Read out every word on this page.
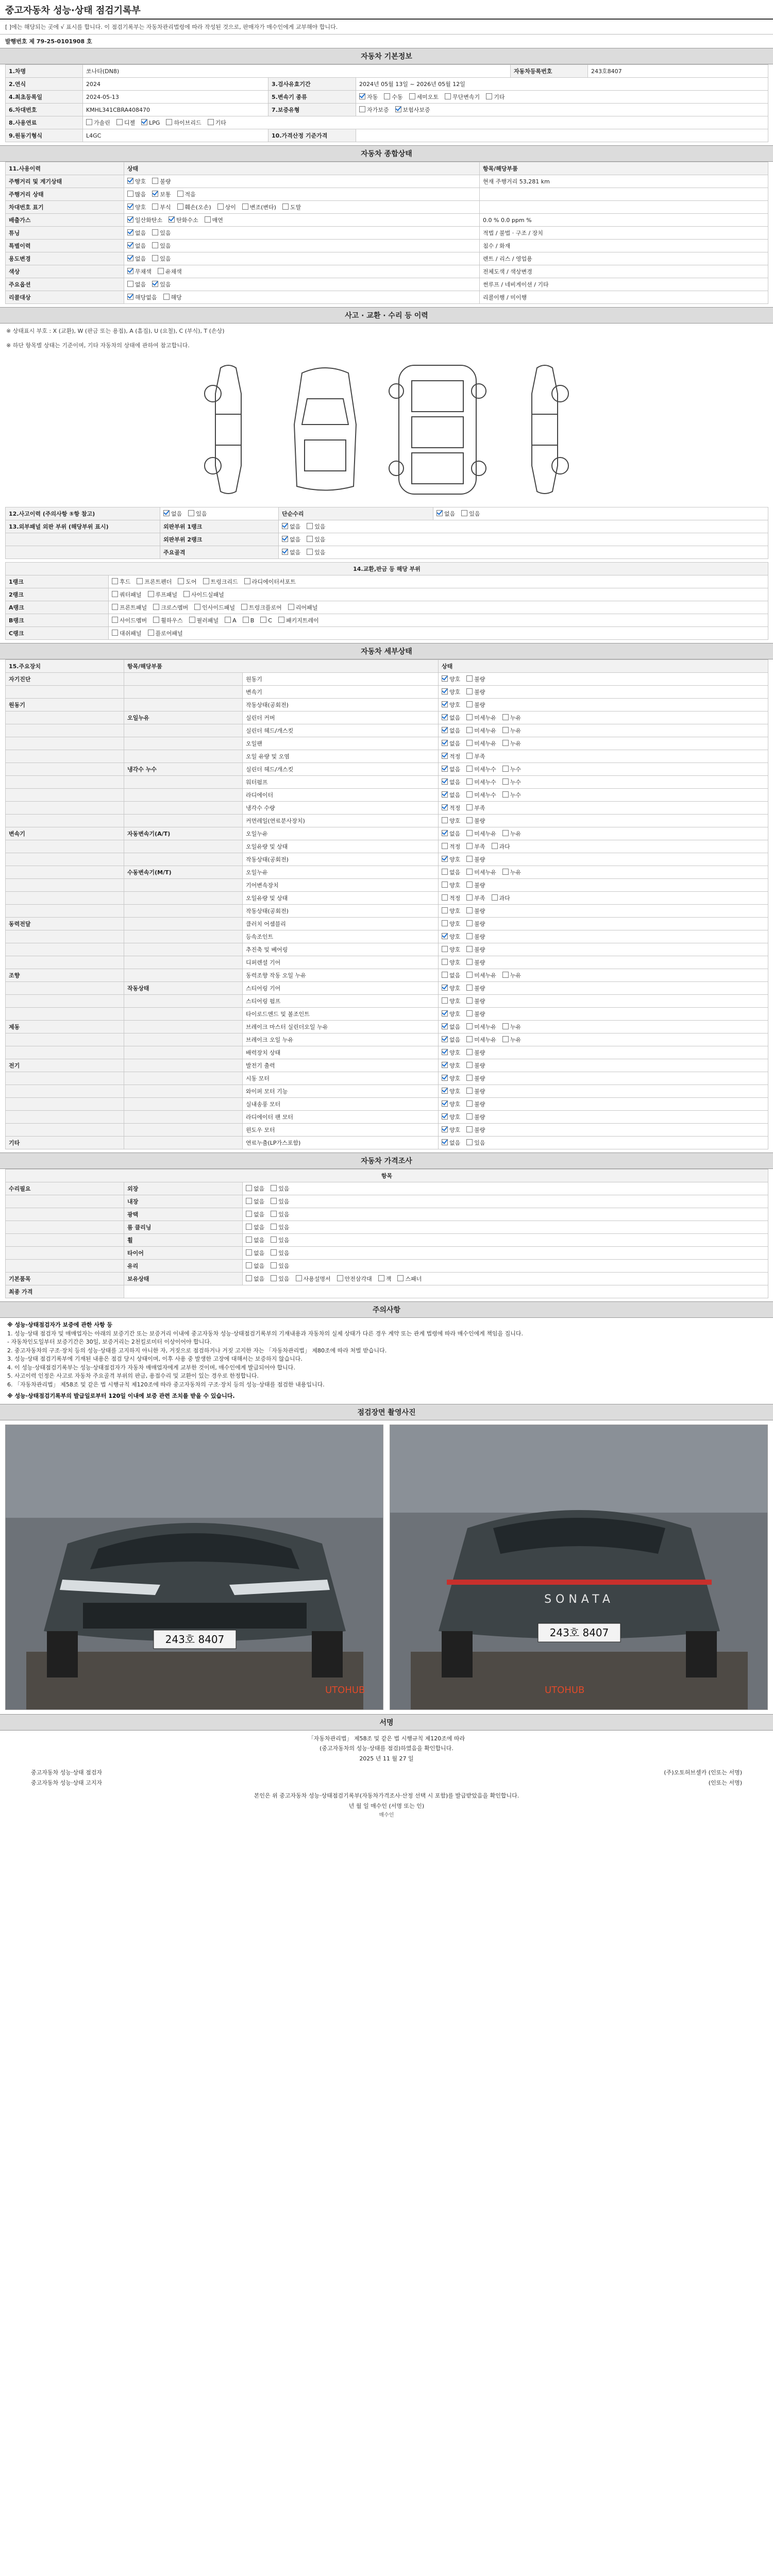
중고자동차 성능·상태 점검기록부
[ ]에는 해당되는 곳에 √ 표시를 합니다. 이 점검기록부는 자동차관리법령에 따라 작성된 것으로, 판매자가 매수인에게 교부해야 합니다.
발행번호 제 79-25-0101908 호
자동차 기본정보
1.차명	쏘나타(DN8)			자동차등록번호	243호8407
2.연식	2024	3.검사유효기간	2024년 05월 13일 ~ 2026년 05월 12일		
4.최초등록일	2024-05-13	5.변속기 종류	자동 수동 세미오토 무단변속기 기타		
6.차대번호	KMHL341CBRA408470	7.보증유형	자가보증 보험사보증		
8.사용연료	가솔린 디젤 LPG 하이브리드 기타				
9.원동기형식	L4GC	10.가격산정 기준가격			
자동차 종합상태
11.사용이력	상태	항목/해당부품
주행거리 및 계기상태	양호 불량	현재 주행거리 53,281 km
주행거리 상태	많음 보통 적음	
차대번호 표기	양호 부식 훼손(오손) 상이 변조(변타) 도말	
배출가스	일산화탄소 탄화수소 매연	0.0 % 0.0 ppm %
튜닝	없음 있음	적법 / 불법 · 구조 / 장치
특별이력	없음 있음	침수 / 화재
용도변경	없음 있음	렌트 / 리스 / 영업용
색상	무채색 유채색	전체도색 / 색상변경
주요옵션	없음 있음	썬루프 / 네비게이션 / 기타
리콜대상	해당없음 해당	리콜이행 / 미이행
사고 · 교환 · 수리 등 이력
※ 상태표시 부호 : X (교환), W (판금 또는 용접), A (흠집), U (요철), C (부식), T (손상)
※ 하단 항목별 상태는 기준이며, 기타 자동차의 상태에 관하여 참고합니다.
12.사고이력 (주의사항 ⑤항 참고)	없음 있음	단순수리	없음 있음
13.외부패널 외판 부위 (해당부위 표시)	외판부위 1랭크	없음 있음	
	외판부위 2랭크	없음 있음	
	주요골격	없음 있음	
14.교환,판금 등 해당 부위	
1랭크	후드 프론트펜더 도어 트렁크리드 라디에이터서포트
2랭크	쿼터패널 루프패널 사이드실패널
A랭크	프론트패널 크로스멤버 인사이드패널 트렁크플로어 리어패널
B랭크	사이드멤버 휠하우스 필러패널 A B C 패키지트레이
C랭크	대쉬패널 플로어패널
자동차 세부상태
15.주요장치	항목/해당부품		상태
자기진단		원동기	양호 불량
		변속기	양호 불량
원동기		작동상태(공회전)	양호 불량
	오일누유	실린더 커버	없음 미세누유 누유
		실린더 헤드/개스킷	없음 미세누유 누유
		오일팬	없음 미세누유 누유
		오일 유량 및 오염	적정 부족
	냉각수 누수	실린더 헤드/개스킷	없음 미세누수 누수
		워터펌프	없음 미세누수 누수
		라디에이터	없음 미세누수 누수
		냉각수 수량	적정 부족
		커먼레일(연료분사장치)	양호 불량
변속기	자동변속기(A/T)	오일누유	없음 미세누유 누유
		오일유량 및 상태	적정 부족 과다
		작동상태(공회전)	양호 불량
	수동변속기(M/T)	오일누유	없음 미세누유 누유
		기어변속장치	양호 불량
		오일유량 및 상태	적정 부족 과다
		작동상태(공회전)	양호 불량
동력전달		클러치 어셈블리	양호 불량
		등속조인트	양호 불량
		추진축 및 베어링	양호 불량
		디퍼렌셜 기어	양호 불량
조향		동력조향 작동 오일 누유	없음 미세누유 누유
	작동상태	스티어링 기어	양호 불량
		스티어링 펌프	양호 불량
		타이로드엔드 및 볼조인트	양호 불량
제동		브레이크 마스터 실린더오일 누유	없음 미세누유 누유
		브레이크 오일 누유	없음 미세누유 누유
		배력장치 상태	양호 불량
전기		발전기 출력	양호 불량
		시동 모터	양호 불량
		와이퍼 모터 기능	양호 불량
		실내송풍 모터	양호 불량
		라디에이터 팬 모터	양호 불량
		윈도우 모터	양호 불량
기타		연료누출(LP가스포함)	없음 있음
자동차 가격조사
항목		
수리필요	외장	없음 있음
	내장	없음 있음
	광택	없음 있음
	룸 클리닝	없음 있음
	휠	없음 있음
	타이어	없음 있음
	유리	없음 있음
기본품목	보유상태	없음 있음 사용설명서 안전삼각대 잭 스패너
최종 가격		
주의사항
※ 성능·상태점검자가 보증에 관한 사항 등
1. 성능·상태 점검자 및 매매업자는 아래의 보증기간 또는 보증거리 이내에 중고자동차 성능·상태점검기록부의 기재내용과 자동차의 실제 상태가 다른 경우 계약 또는 관계 법령에 따라 매수인에게 책임을 집니다.
- 자동차인도일부터 보증기간은 30일, 보증거리는 2천킬로미터 이상이어야 합니다.
2. 중고자동차의 구조·장치 등의 성능·상태를 고지하지 아니한 자, 거짓으로 점검하거나 거짓 고지한 자는 「자동차관리법」 제80조에 따라 처벌 받습니다.
3. 성능·상태 점검기록부에 기재된 내용은 점검 당시 상태이며, 이후 사용 중 발생한 고장에 대해서는 보증하지 않습니다.
4. 이 성능·상태점검기록부는 성능·상태점검자가 자동차 매매업자에게 교부한 것이며, 매수인에게 발급되어야 합니다.
5. 사고이력 인정은 사고로 자동차 주요골격 부위의 판금, 용접수리 및 교환이 있는 경우로 한정합니다.
6. 「자동차관리법」 제58조 및 같은 법 시행규칙 제120조에 따라 중고자동차의 구조·장치 등의 성능·상태를 점검한 내용입니다.
※ 성능·상태점검기록부의 발급일로부터 120일 이내에 보증 관련 조치를 받을 수 있습니다.
점검장면 촬영사진
243호 8407
UTOHUB
SONATA
243호 8407
UTOHUB
서명
「자동차관리법」 제58조 및 같은 법 시행규칙 제120조에 따라
(중고자동차의 성능·상태를 점검)하였음을 확인합니다.
2025 년 11 월 27 일
중고자동차 성능·상태 점검자	(주)오토허브셀카 (인또는 서명)
중고자동차 성능·상태 고지자	(인또는 서명)
본인은 위 중고자동차 성능·상태점검기록부(자동차가격조사·산정 선택 시 포함)를 발급받았음을 확인합니다.
년 월 일 매수인 (서명 또는 인)
매수인
